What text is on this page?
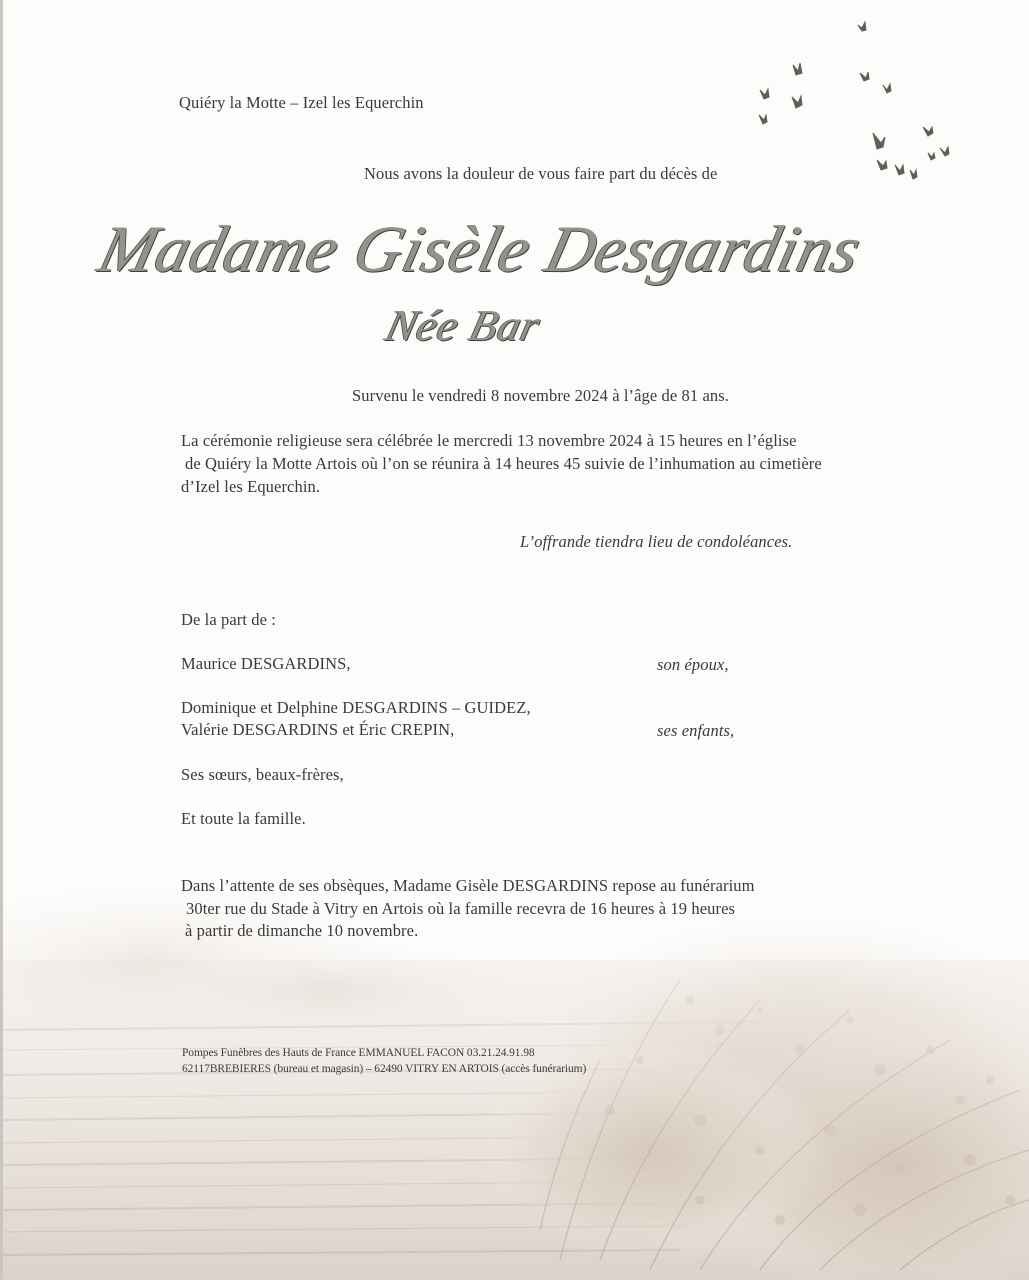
Quiéry la Motte – Izel les Equerchin
Nous avons la douleur de vous faire part du décès de
Madame Gisèle Desgardins
Née Bar
Survenu le vendredi 8 novembre 2024 à l’âge de 81 ans.
La cérémonie religieuse sera célébrée le mercredi 13 novembre 2024 à 15 heures en l’église
de Quiéry la Motte Artois où l’on se réunira à 14 heures 45 suivie de l’inhumation au cimetière
d’Izel les Equerchin.
L’offrande tiendra lieu de condoléances.
De la part de :
Maurice DESGARDINS,	son époux,
Dominique et Delphine DESGARDINS – GUIDEZ,
Valérie DESGARDINS et Éric CREPIN,	ses enfants,
Ses sœurs, beaux-frères,
Et toute la famille.
Dans l’attente de ses obsèques, Madame Gisèle DESGARDINS repose au funérarium
30ter rue du Stade à Vitry en Artois où la famille recevra de 16 heures à 19 heures
à partir de dimanche 10 novembre.
Pompes Funèbres des Hauts de France EMMANUEL FACON 03.21.24.91.98
62117BREBIERES (bureau et magasin) – 62490 VITRY EN ARTOIS (accès funérarium)
